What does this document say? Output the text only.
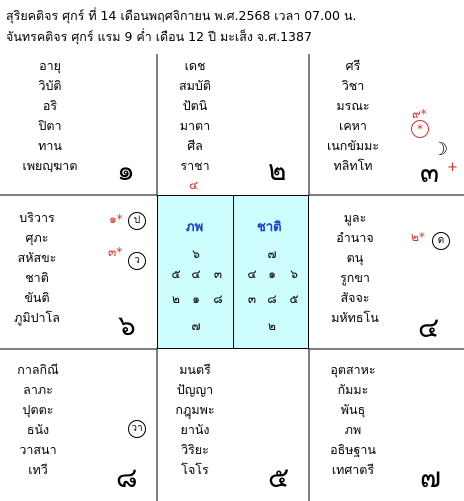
สุริยคติจร ศุกร์ ที่ 14 เดือนพฤศจิกายน พ.ศ.2568 เวลา 07.00 น.
จันทรคติจร ศุกร์ แรม 9 ค่ำ เดือน 12 ปี มะเส็ง จ.ศ.1387
อายุ
วิบัติ
อริ
ปิตา
ทาน
เพยญฺฆาต	๑
เดช
สมบัติ
ปัตนิ
มาตา
ศีล
ราชา
๔ ๒
ศรี
วิชา
มรณะ
เคหา
เนกขัมมะ
ทลิทโท
๙*
*
☽
๓ +
บริวาร
ศุภะ
สหัสขะ
ชาติ
ขันติ
ภูมิปาโล
๑*	ป
๓*
ว
๖
ภพ
๖
๕ ๔	๓
๒	๑	๘
๗
ชาติ
๗
๔ ๑	๖
๓ ๘ ๕
๒
มูละ
อำนาจ
ตนุ
รูกขา
สัจจะ
มหัทธโน
๒*	ด
๔
กาลกิณี
ลาภะ
ปุตตะ
ธนัง
วาสนา
เทวี
วา
๘
มนตรี
ปัญญา
กฎุมพะ
ยานัง
วิริยะ
โจโร	๕
อุตสาหะ
กัมมะ
พันธุ
ภพ
อธิษฐาน
เทศาตรี	๗
